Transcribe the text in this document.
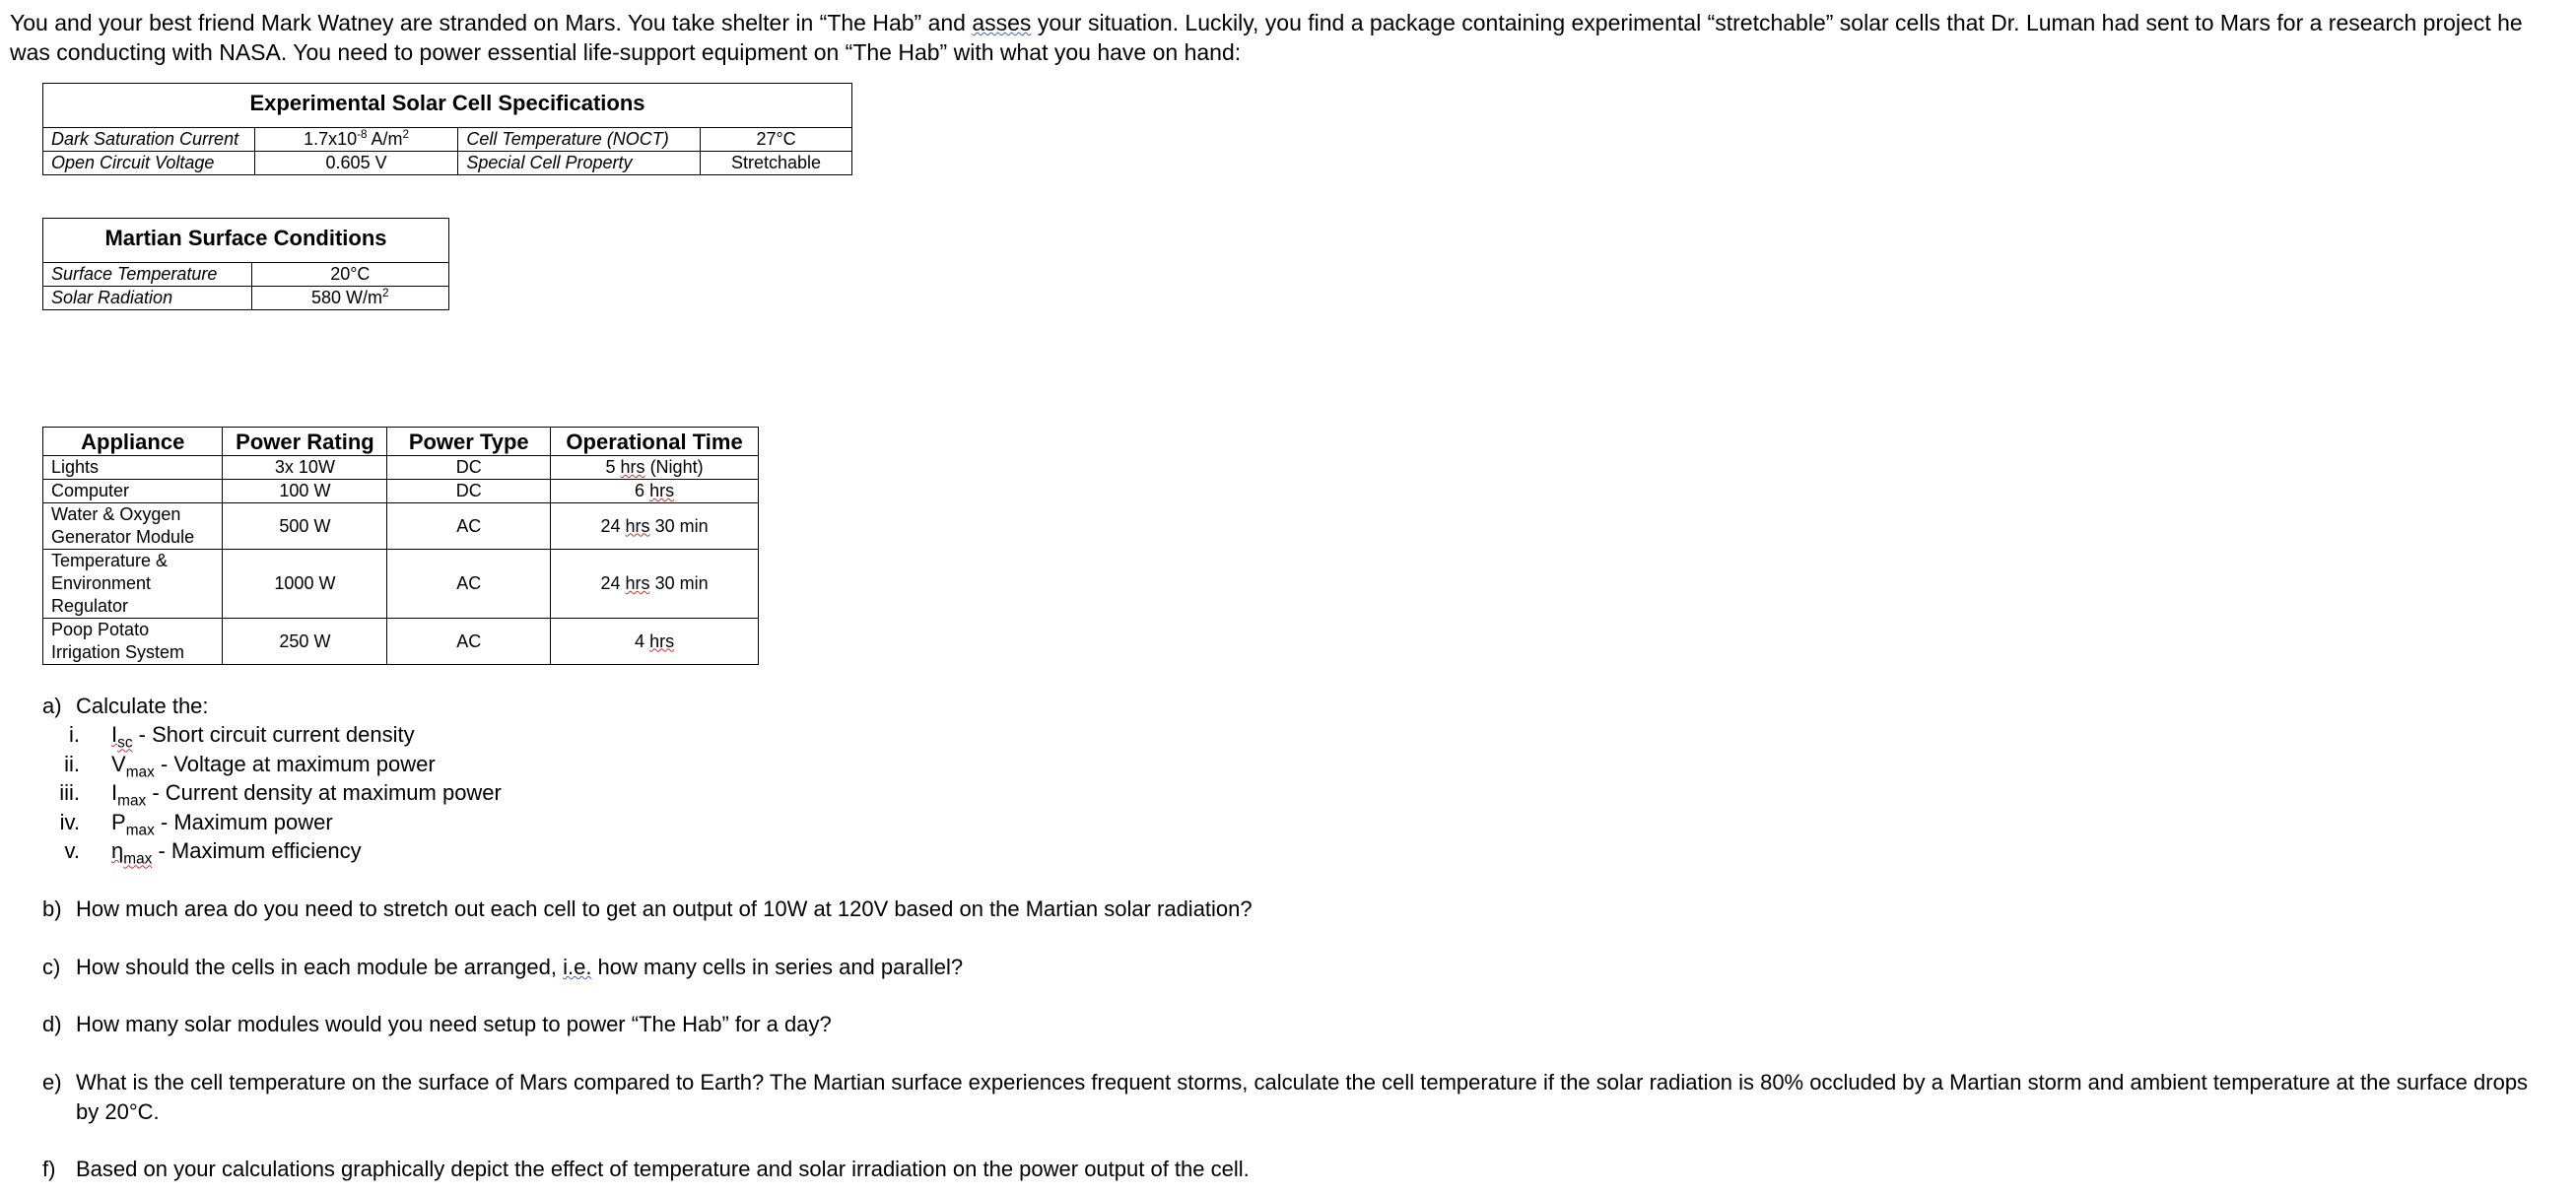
You and your best friend Mark Watney are stranded on Mars. You take shelter in “The Hab” and asses your situation. Luckily, you find a package containing experimental “stretchable” solar cells that Dr. Luman had sent to Mars for a research project he was conducting with NASA. You need to power essential life-support equipment on “The Hab” with what you have on hand:

Experimental Solar Cell Specifications			

Dark Saturation Current	$1.7x10^{-8}$ $A/m^2$	Cell Temperature (NOCT)	27°C
Open Circuit Voltage	0.605 V	Special Cell Property	Stretchable
Martian Surface Conditions	

Surface Temperature	20°C
Solar Radiation	580 $W/m^2$
Appliance	Power Rating	Power Type	Operational Time
Lights	3x 10W	DC	5 hrs (Night)
Computer	100 W	DC	6 hrs
Water & Oxygen Generator Module	500 W	AC	24 hrs 30 min
Temperature & Environment Regulator	1000 W	AC	24 hrs 30 min
Poop Potato Irrigation System	250 W	AC	4 hrs
a) Calculate the:
i. $I_{sc}$ - Short circuit current density
ii. $V_{max}$ - Voltage at maximum power
iii. $I_{max}$ - Current density at maximum power
iv. $P_{max}$ - Maximum power
v. $\eta_{max}$ - Maximum efficiency
b) How much area do you need to stretch out each cell to get an output of 10W at 120V based on the Martian solar radiation?
c) How should the cells in each module be arranged, i.e. how many cells in series and parallel?
d) How many solar modules would you need setup to power “The Hab” for a day?
e) What is the cell temperature on the surface of Mars compared to Earth? The Martian surface experiences frequent storms, calculate the cell temperature if the solar radiation is 80% occluded by a Martian storm and ambient temperature at the surface drops by 20°C.
f) Based on your calculations graphically depict the effect of temperature and solar irradiation on the power output of the cell.
